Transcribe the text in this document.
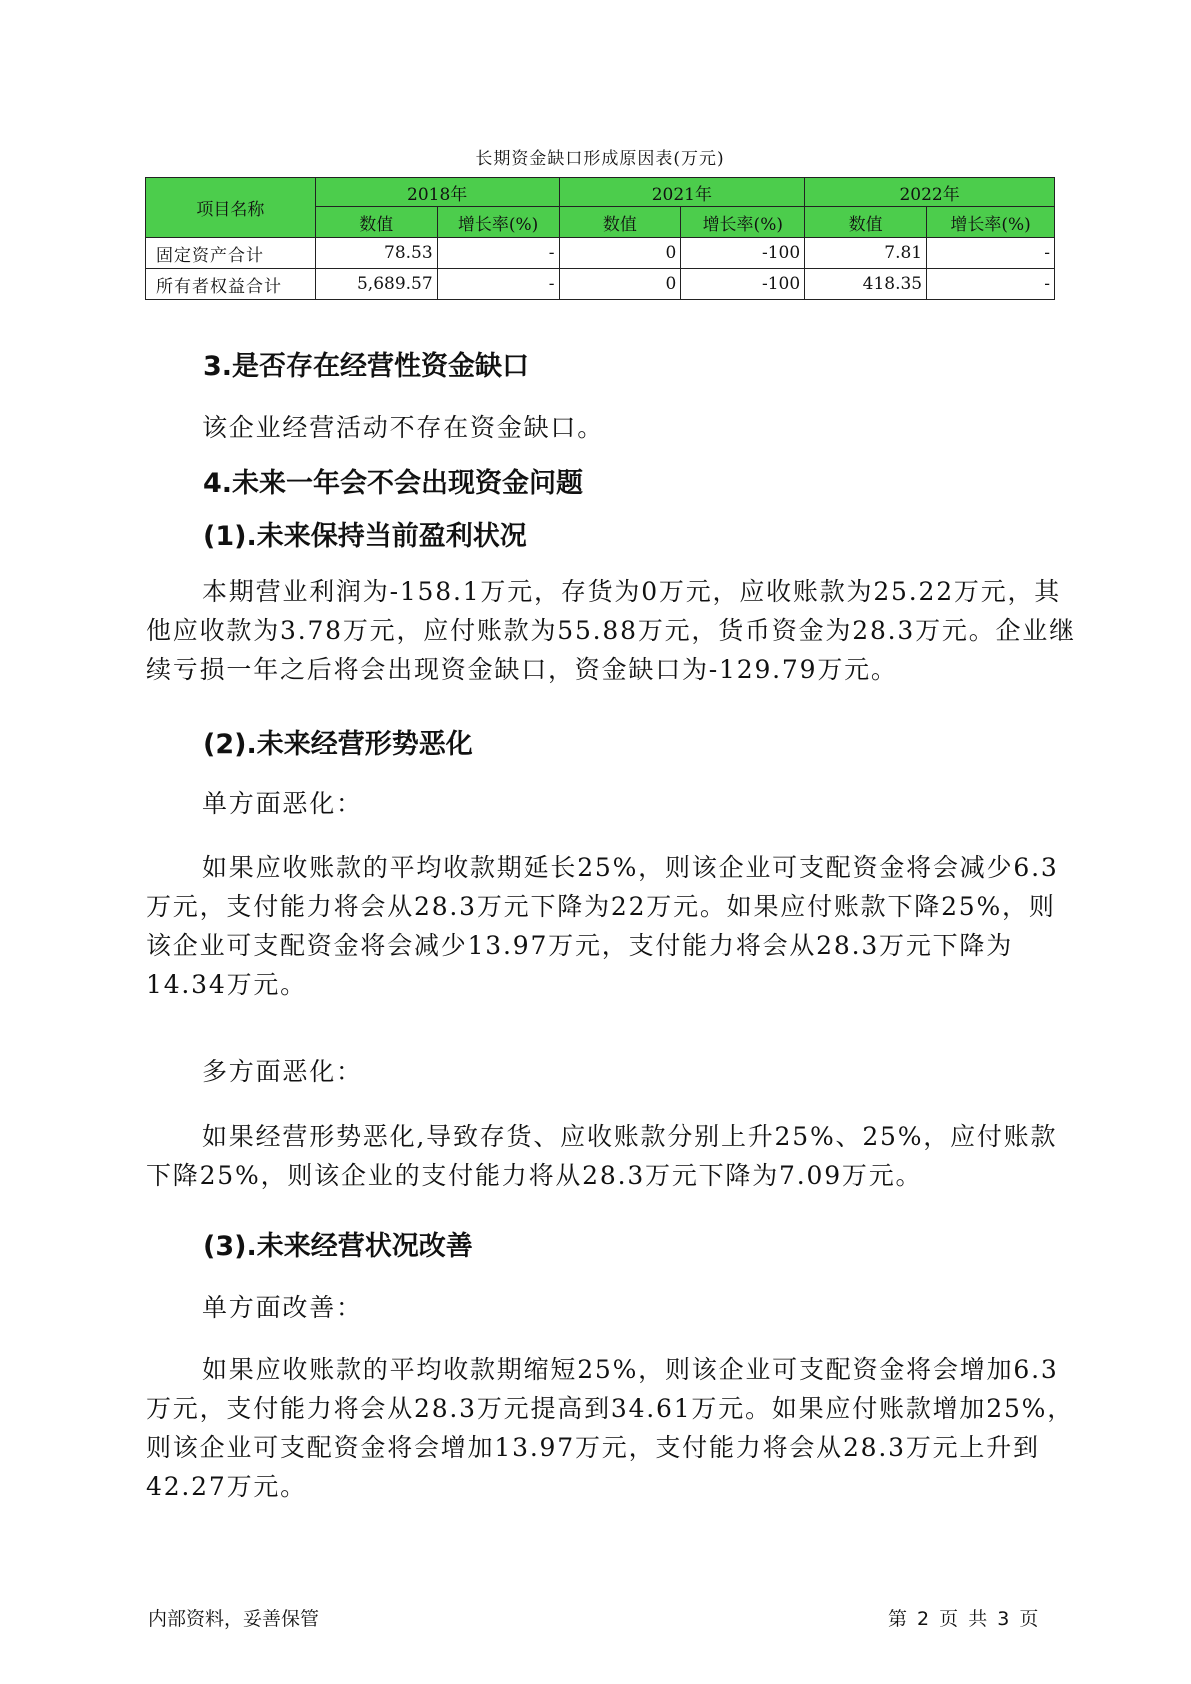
长期资金缺口形成原因表(万元)
项目名称	2018年		2021年		2022年	
	数值	增长率(%)	数值	增长率(%)	数值	增长率(%)
固定资产合计	78.53	-	0	-100	7.81	-
所有者权益合计	5,689.57	-	0	-100	418.35	-
3.是否存在经营性资金缺口
该企业经营活动不存在资金缺口。
4.未来一年会不会出现资金问题
(1).未来保持当前盈利状况
本期营业利润为-158.1万元，存货为0万元，应收账款为25.22万元，其他应收款为3.78万元，应付账款为55.88万元，货币资金为28.3万元。企业继续亏损一年之后将会出现资金缺口，资金缺口为-129.79万元。
(2).未来经营形势恶化
单方面恶化：
如果应收账款的平均收款期延长25%，则该企业可支配资金将会减少6.3万元，支付能力将会从28.3万元下降为22万元。如果应付账款下降25%，则该企业可支配资金将会减少13.97万元，支付能力将会从28.3万元下降为14.34万元。
多方面恶化：
如果经营形势恶化,导致存货、应收账款分别上升25%、25%，应付账款下降25%，则该企业的支付能力将从28.3万元下降为7.09万元。
(3).未来经营状况改善
单方面改善：
如果应收账款的平均收款期缩短25%，则该企业可支配资金将会增加6.3万元，支付能力将会从28.3万元提高到34.61万元。如果应付账款增加25%，则该企业可支配资金将会增加13.97万元，支付能力将会从28.3万元上升到42.27万元。
内部资料，妥善保管	第 2 页 共 3 页
